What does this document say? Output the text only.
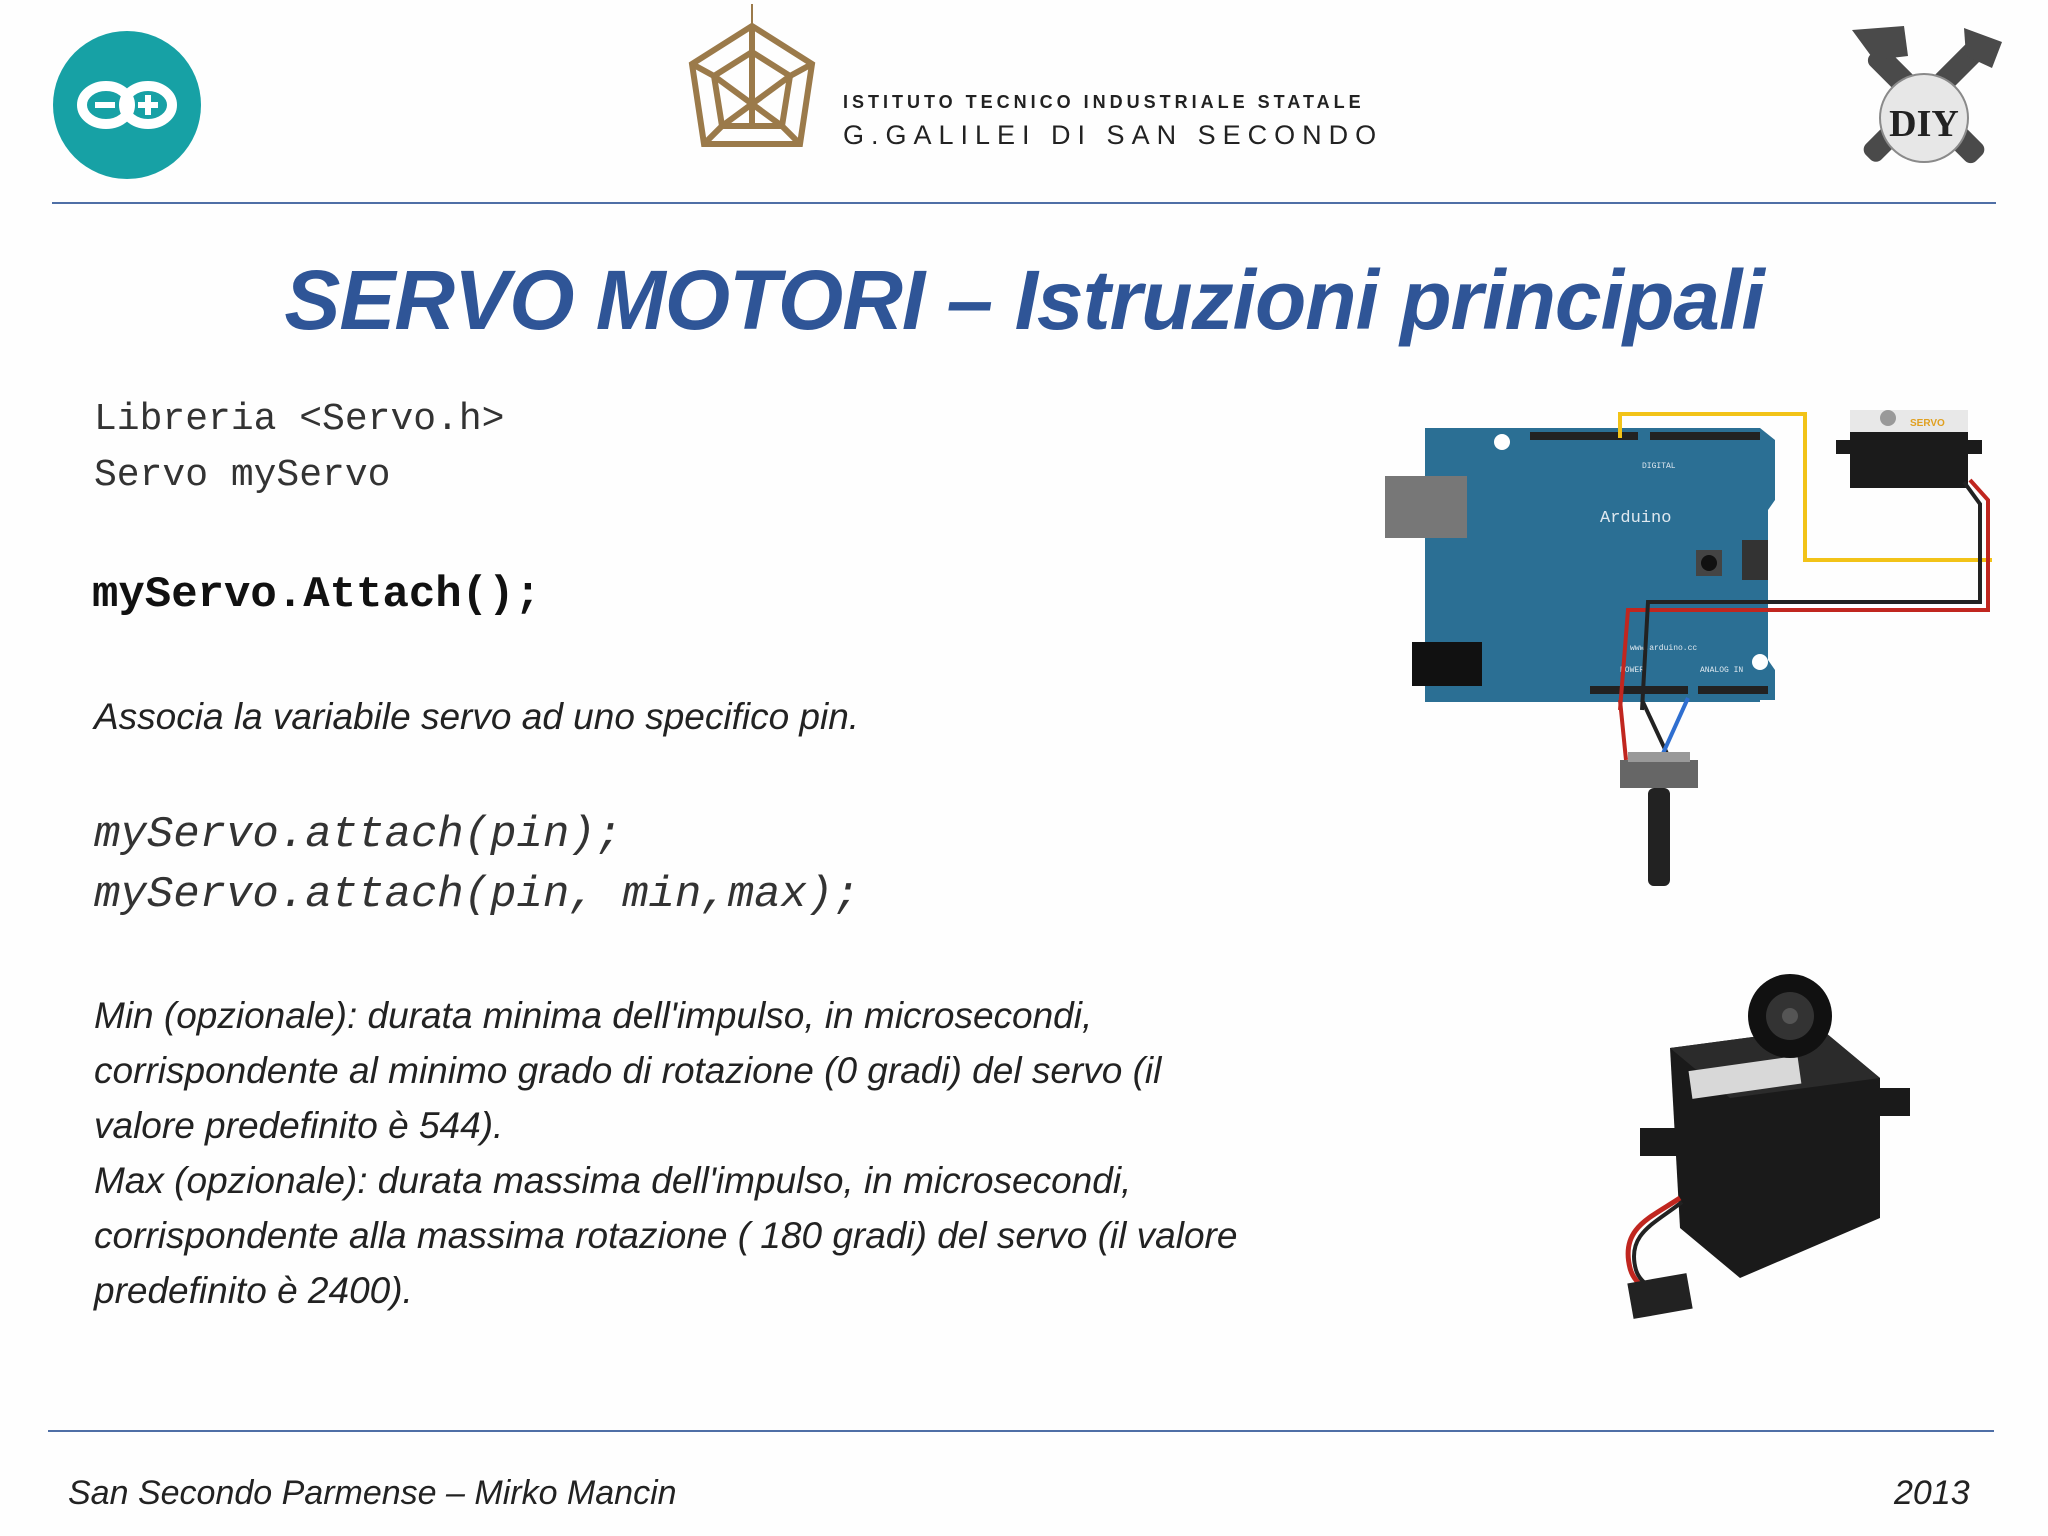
ISTITUTO TECNICO INDUSTRIALE STATALE
G.GALILEI DI SAN SECONDO	DIY
SERVO MOTORI – Istruzioni principali
Libreria <Servo.h>
Servo myServo
myServo.Attach();
Associa la variabile servo ad uno specifico pin.
myServo.attach(pin);
myServo.attach(pin, min,max);
Min (opzionale): durata minima dell'impulso, in microsecondi,
corrispondente al minimo grado di rotazione (0 gradi) del servo (il
valore predefinito è 544).
Max (opzionale): durata massima dell'impulso, in microsecondi,
corrispondente alla massima rotazione ( 180 gradi) del servo (il valore
predefinito è 2400).
Arduino
DIGITAL
ANALOG IN
POWER
www.arduino.cc
SERVO
San Secondo Parmense – Mirko Mancin	2013
